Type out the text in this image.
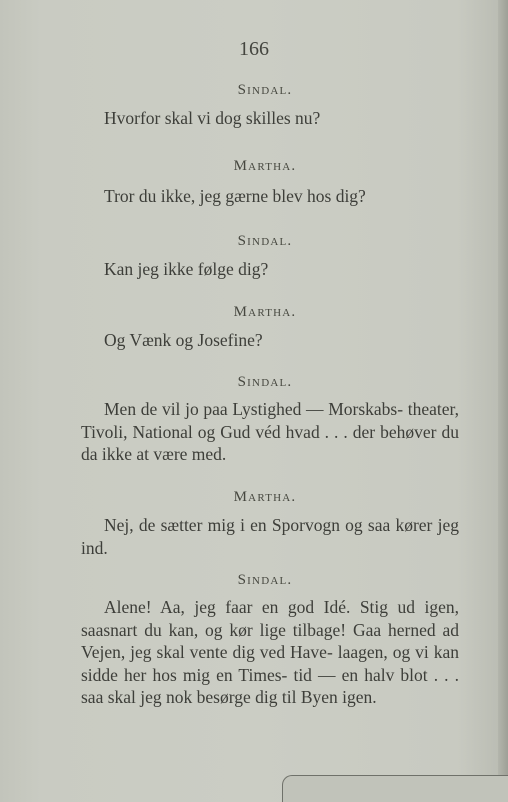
166
Sindal.

Hvorfor skal vi dog skilles nu?

Martha.

Tror du ikke, jeg gærne blev hos dig?

Sindal.

Kan jeg ikke følge dig?

Martha.

Og Vænk og Josefine?

Sindal.

Men de vil jo paa Lystighed — Morskabs- theater, Tivoli, National og Gud véd hvad . . . der behøver du da ikke at være med.

Martha.

Nej, de sætter mig i en Sporvogn og saa kører jeg ind.

Sindal.

Alene! Aa, jeg faar en god Idé. Stig ud igen, saasnart du kan, og kør lige tilbage! Gaa herned ad Vejen, jeg skal vente dig ved Have- laagen, og vi kan sidde her hos mig en Times- tid — en halv blot . . . saa skal jeg nok besørge dig til Byen igen.
